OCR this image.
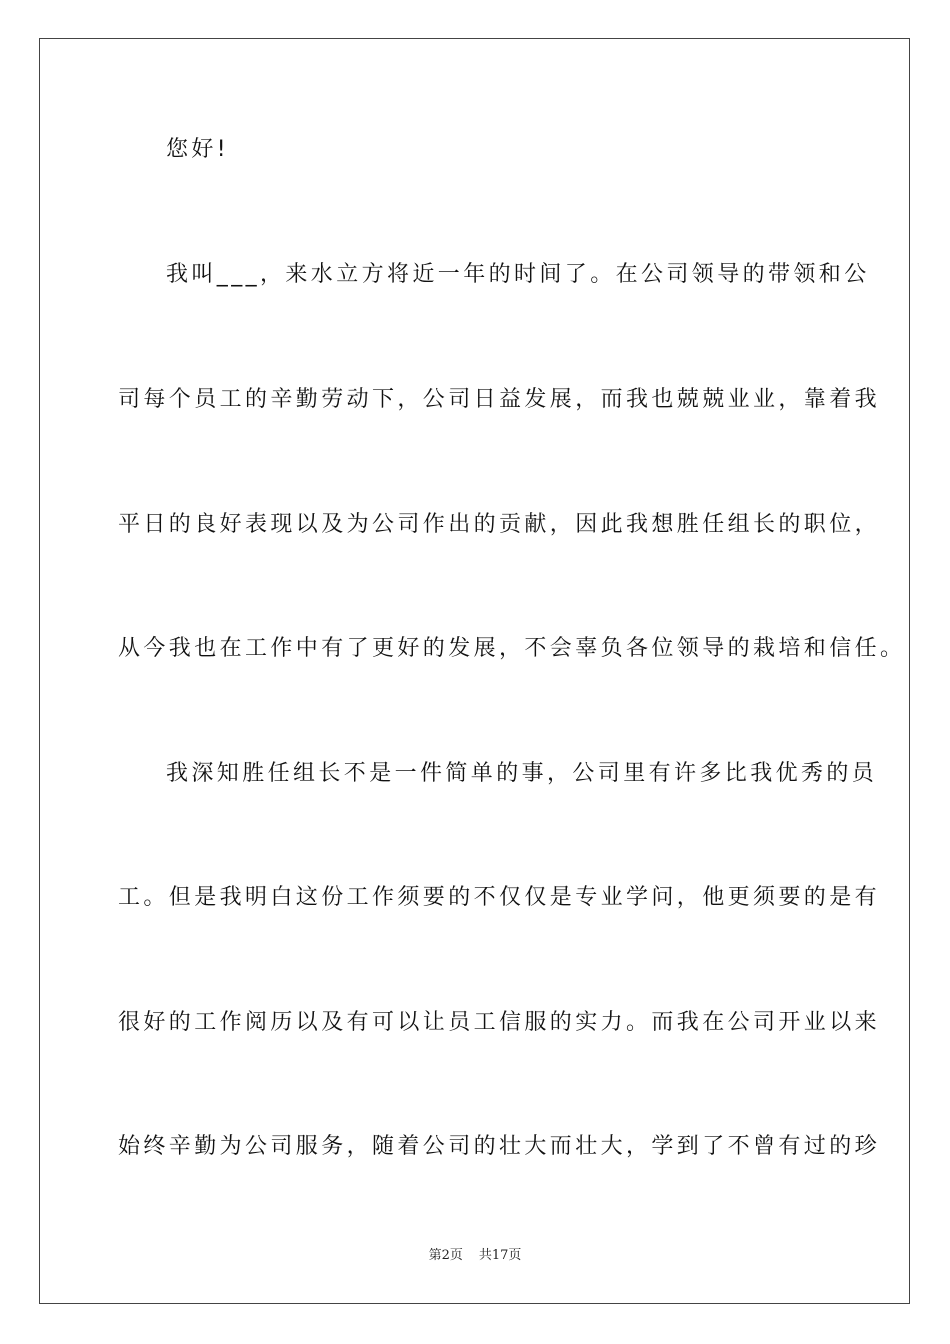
您好!
我叫___，来水立方将近一年的时间了。在公司领导的带领和公
司每个员工的辛勤劳动下，公司日益发展，而我也兢兢业业，靠着我
平日的良好表现以及为公司作出的贡献，因此我想胜任组长的职位，
从今我也在工作中有了更好的发展，不会辜负各位领导的栽培和信任。
我深知胜任组长不是一件简单的事，公司里有许多比我优秀的员
工。但是我明白这份工作须要的不仅仅是专业学问，他更须要的是有
很好的工作阅历以及有可以让员工信服的实力。而我在公司开业以来
始终辛勤为公司服务，随着公司的壮大而壮大，学到了不曾有过的珍
第2页 共17页
